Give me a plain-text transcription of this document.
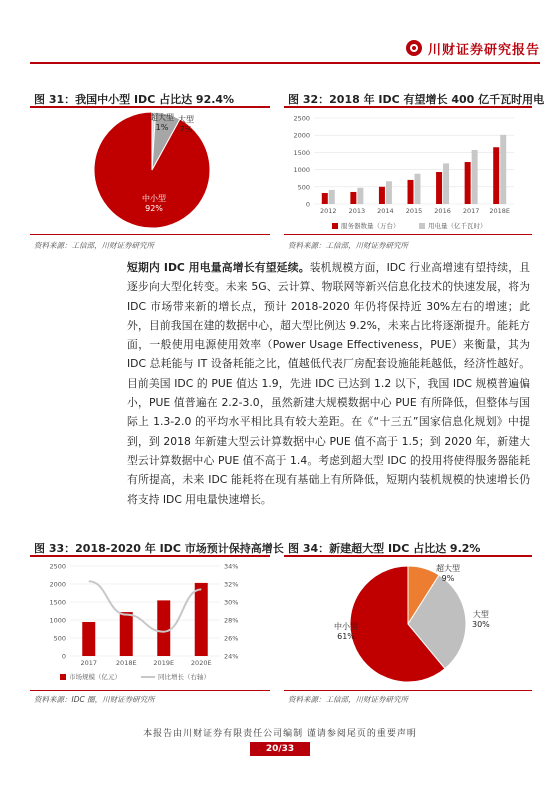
川财证券研究报告
图 31：我国中小型 IDC 占比达 92.4%
超大型
1%
大型
7%
中小型
92%
资料来源：工信部，川财证券研究所
图 32：2018 年 IDC 有望增长 400 亿千瓦时用电
0
500
1000
1500
2000
2500
2012 2013 2014 2015 2016 2017 2018E
服务器数量（万台）	用电量（亿千瓦时）
资料来源：工信部，川财证券研究所
短期内 IDC 用电量高增长有望延续。装机规模方面，IDC 行业高增速有望持续，且逐步向大型化转变。未来 5G、云计算、物联网等新兴信息化技术的快速发展，将为 IDC 市场带来新的增长点，预计 2018-2020 年仍将保持近 30%左右的增速；此外，目前我国在建的数据中心，超大型比例达 9.2%，未来占比将逐渐提升。能耗方面，一般使用电源使用效率（Power Usage Effectiveness，PUE）来衡量，其为 IDC 总耗能与 IT 设备耗能之比，值越低代表厂房配套设施能耗越低，经济性越好。目前美国 IDC 的 PUE 值达 1.9，先进 IDC 已达到 1.2 以下，我国 IDC 规模普遍偏小，PUE 值普遍在 2.2-3.0，虽然新建大规模数据中心 PUE 有所降低，但整体与国际上 1.3-2.0 的平均水平相比具有较大差距。在《“十三五”国家信息化规划》中提到，到 2018 年新建大型云计算数据中心 PUE 值不高于 1.5；到 2020 年，新建大型云计算数据中心 PUE 值不高于 1.4。考虑到超大型 IDC 的投用将使得服务器能耗有所提高，未来 IDC 能耗将在现有基础上有所降低，短期内装机规模的快速增长仍将支持 IDC 用电量快速增长。
图 33：2018-2020 年 IDC 市场预计保持高增长
0
500
1000
1500
2000
2500
2017	2018E	2019E	2020E
24%
26%
28%
30%
32%
34%
市场规模（亿元）	同比增长（右轴）
资料来源：IDC 圈，川财证券研究所
图 34：新建超大型 IDC 占比达 9.2%
超大型
9%
大型
30%
中小型
61%
资料来源：工信部，川财证券研究所
本报告由川财证券有限责任公司编制 谨请参阅尾页的重要声明
20/33
